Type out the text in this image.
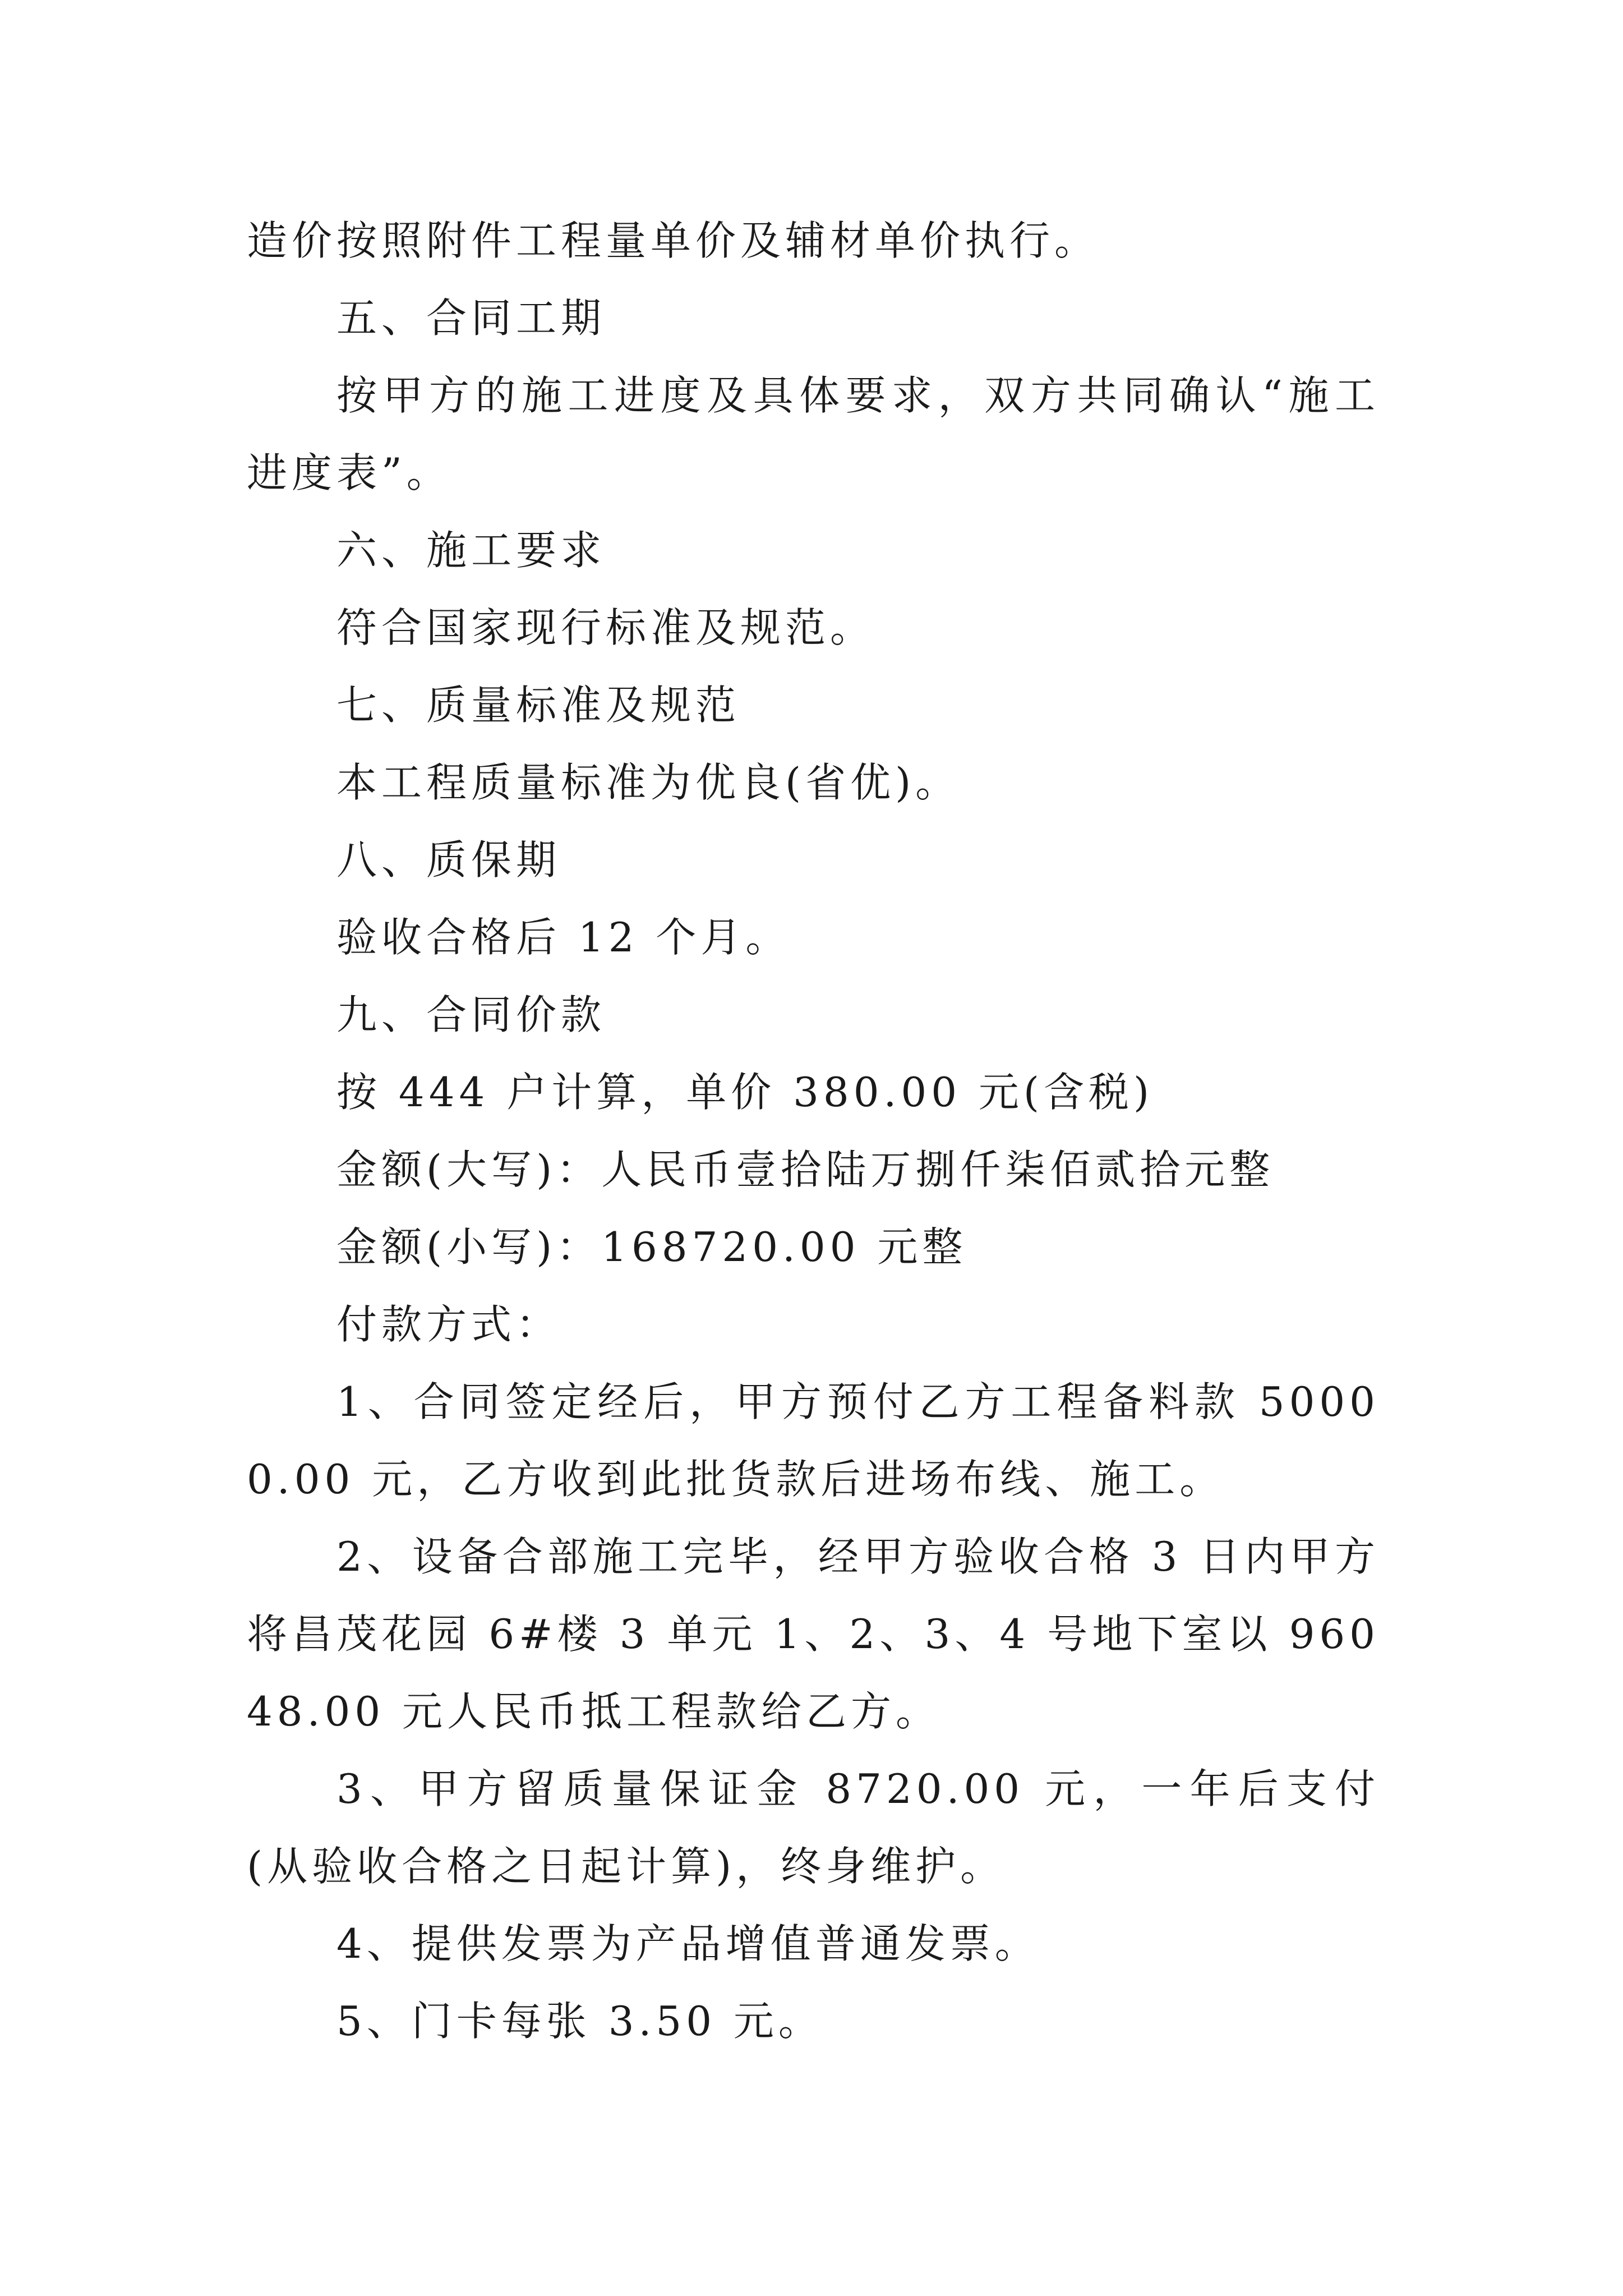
造价按照附件工程量单价及辅材单价执行。

五、合同工期

按甲方的施工进度及具体要求，双方共同确认“施工进度表”。

六、施工要求

符合国家现行标准及规范。

七、质量标准及规范

本工程质量标准为优良(省优)。

八、质保期

验收合格后 12 个月。

九、合同价款

按 444 户计算，单价 380.00 元(含税)

金额(大写)：人民币壹拾陆万捌仟柒佰贰拾元整

金额(小写)：168720.00 元整

付款方式：

1、合同签定经后，甲方预付乙方工程备料款 50000.00 元，乙方收到此批货款后进场布线、施工。

2、设备合部施工完毕，经甲方验收合格 3 日内甲方将昌茂花园 6#楼 3 单元 1、2、3、4 号地下室以 96048.00 元人民币抵工程款给乙方。

3、甲方留质量保证金 8720.00 元，一年后支付(从验收合格之日起计算)，终身维护。

4、提供发票为产品增值普通发票。

5、门卡每张 3.50 元。
